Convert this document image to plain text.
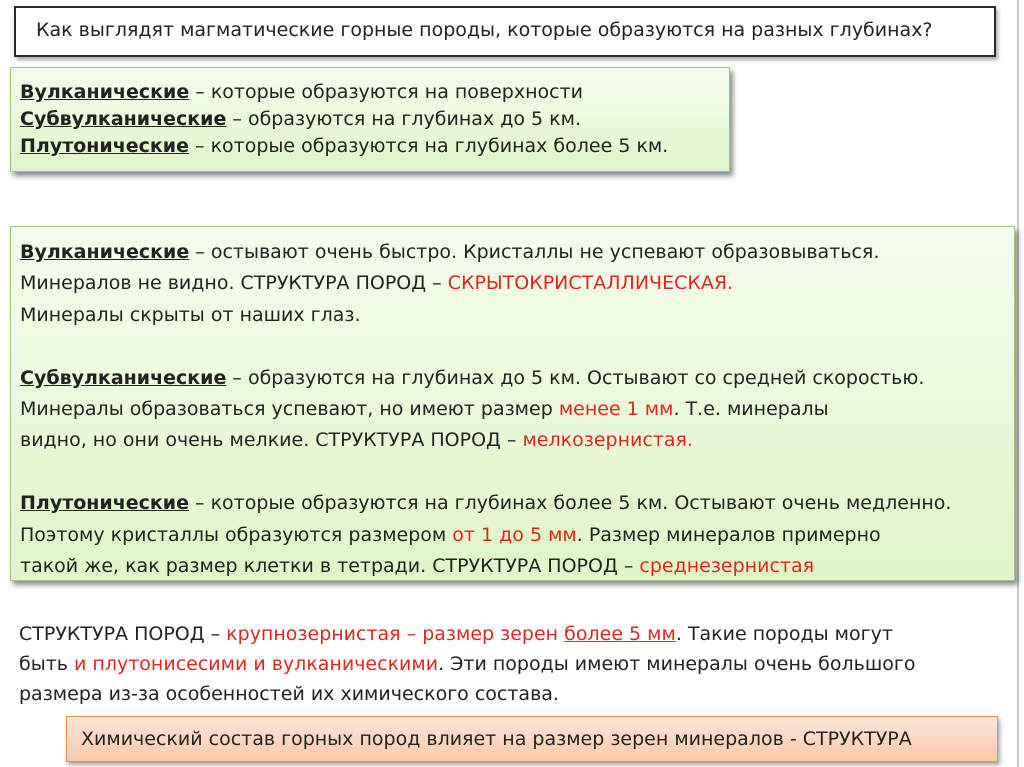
Как выглядят магматические горные породы, которые образуются на разных глубинах?
Вулканические – которые образуются на поверхности
Субвулканические – образуются на глубинах до 5 км.
Плутонические – которые образуются на глубинах более 5 км.
Вулканические – остывают очень быстро. Кристаллы не успевают образовываться.
Минералов не видно. СТРУКТУРА ПОРОД – СКРЫТОКРИСТАЛЛИЧЕСКАЯ.
Минералы скрыты от наших глаз.
Субвулканические – образуются на глубинах до 5 км. Остывают со средней скоростью.
Минералы образоваться успевают, но имеют размер менее 1 мм. Т.е. минералы
видно, но они очень мелкие. СТРУКТУРА ПОРОД – мелкозернистая.
Плутонические – которые образуются на глубинах более 5 км. Остывают очень медленно.
Поэтому кристаллы образуются размером от 1 до 5 мм. Размер минералов примерно
такой же, как размер клетки в тетради. СТРУКТУРА ПОРОД – среднезернистая
СТРУКТУРА ПОРОД – крупнозернистая – размер зерен более 5 мм. Такие породы могут
быть и плутонисесими и вулканическими. Эти породы имеют минералы очень большого
размера из-за особенностей их химического состава.
Химический состав горных пород влияет на размер зерен минералов - СТРУКТУРА
